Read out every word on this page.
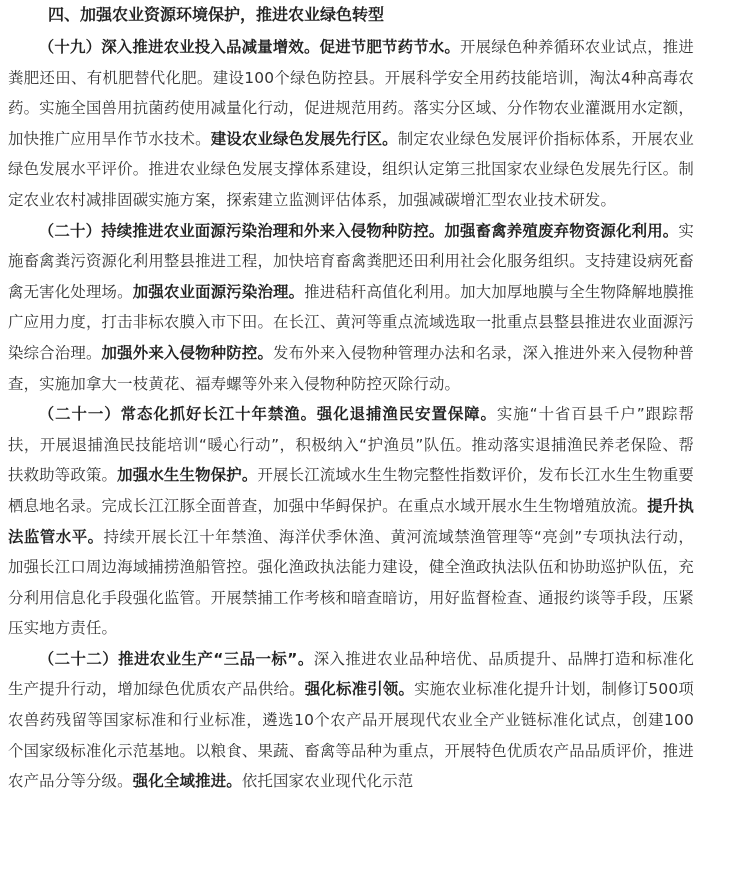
四、加强农业资源环境保护，推进农业绿色转型

（十九）深入推进农业投入品减量增效。促进节肥节药节水。开展绿色种养循环农业试点，推进粪肥还田、有机肥替代化肥。建设100个绿色防控县。开展科学安全用药技能培训，淘汰4种高毒农药。实施全国兽用抗菌药使用减量化行动，促进规范用药。落实分区域、分作物农业灌溉用水定额，加快推广应用旱作节水技术。建设农业绿色发展先行区。制定农业绿色发展评价指标体系，开展农业绿色发展水平评价。推进农业绿色发展支撑体系建设，组织认定第三批国家农业绿色发展先行区。制定农业农村减排固碳实施方案，探索建立监测评估体系，加强减碳增汇型农业技术研发。

（二十）持续推进农业面源污染治理和外来入侵物种防控。加强畜禽养殖废弃物资源化利用。实施畜禽粪污资源化利用整县推进工程，加快培育畜禽粪肥还田利用社会化服务组织。支持建设病死畜禽无害化处理场。加强农业面源污染治理。推进秸秆高值化利用。加大加厚地膜与全生物降解地膜推广应用力度，打击非标农膜入市下田。在长江、黄河等重点流域选取一批重点县整县推进农业面源污染综合治理。加强外来入侵物种防控。发布外来入侵物种管理办法和名录，深入推进外来入侵物种普查，实施加拿大一枝黄花、福寿螺等外来入侵物种防控灭除行动。

（二十一）常态化抓好长江十年禁渔。强化退捕渔民安置保障。实施“十省百县千户”跟踪帮扶，开展退捕渔民技能培训“暖心行动”，积极纳入“护渔员”队伍。推动落实退捕渔民养老保险、帮扶救助等政策。加强水生生物保护。开展长江流域水生生物完整性指数评价，发布长江水生生物重要栖息地名录。完成长江江豚全面普查，加强中华鲟保护。在重点水域开展水生生物增殖放流。提升执法监管水平。持续开展长江十年禁渔、海洋伏季休渔、黄河流域禁渔管理等“亮剑”专项执法行动，加强长江口周边海域捕捞渔船管控。强化渔政执法能力建设，健全渔政执法队伍和协助巡护队伍，充分利用信息化手段强化监管。开展禁捕工作考核和暗查暗访，用好监督检查、通报约谈等手段，压紧压实地方责任。

（二十二）推进农业生产“三品一标”。深入推进农业品种培优、品质提升、品牌打造和标准化生产提升行动，增加绿色优质农产品供给。强化标准引领。实施农业标准化提升计划，制修订500项农兽药残留等国家标准和行业标准，遴选10个农产品开展现代农业全产业链标准化试点，创建100个国家级标准化示范基地。以粮食、果蔬、畜禽等品种为重点，开展特色优质农产品品质评价，推进农产品分等分级。强化全域推进。依托国家农业现代化示范
